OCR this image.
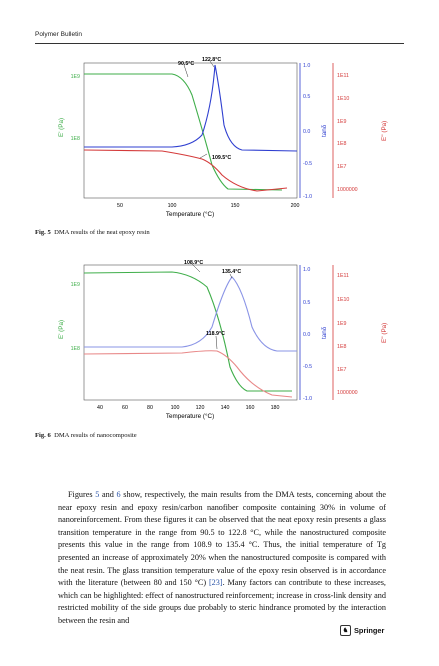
Polymer Bulletin
90.5°C
122.8°C
109.5°C
1E9
1E8
E' (Pa)
50	100	150	200
Temperature (°C)
1.0
0.5
0.0
-0.5
-1.0
tanδ
1E11
1E10
1E9
1E8
1E7
1000000
E'' (Pa)
Fig. 5 DMA results of the neat epoxy resin
108.9°C
135.4°C
118.9°C
1E9
1E8
E' (Pa)
40	60	80	100	120	140	160	180
Temperature (°C)
1.0
0.5
0.0
-0.5
-1.0
tanδ
1E11
1E10
1E9
1E8
1E7
1000000
E'' (Pa)
Fig. 6 DMA results of nanocomposite
Figures 5 and 6 show, respectively, the main results from the DMA tests, concerning about the near epoxy resin and epoxy resin/carbon nanofiber composite containing 30% in volume of nanoreinforcement. From these figures it can be observed that the neat epoxy resin presents a glass transition temperature in the range from 90.5 to 122.8 °C, while the nanostructured composite presents this value in the range from 108.9 to 135.4 °C. Thus, the initial temperature of Tg presented an increase of approximately 20% when the nanostructured composite is compared with the neat resin. The glass transition temperature value of the epoxy resin observed is in accordance with the literature (between 80 and 150 °C) [23]. Many factors can contribute to these increases, which can be highlighted: effect of nanostructured reinforcement; increase in cross-link density and restricted mobility of the side groups due probably to steric hindrance promoted by the interaction between the resin and
♞ Springer
